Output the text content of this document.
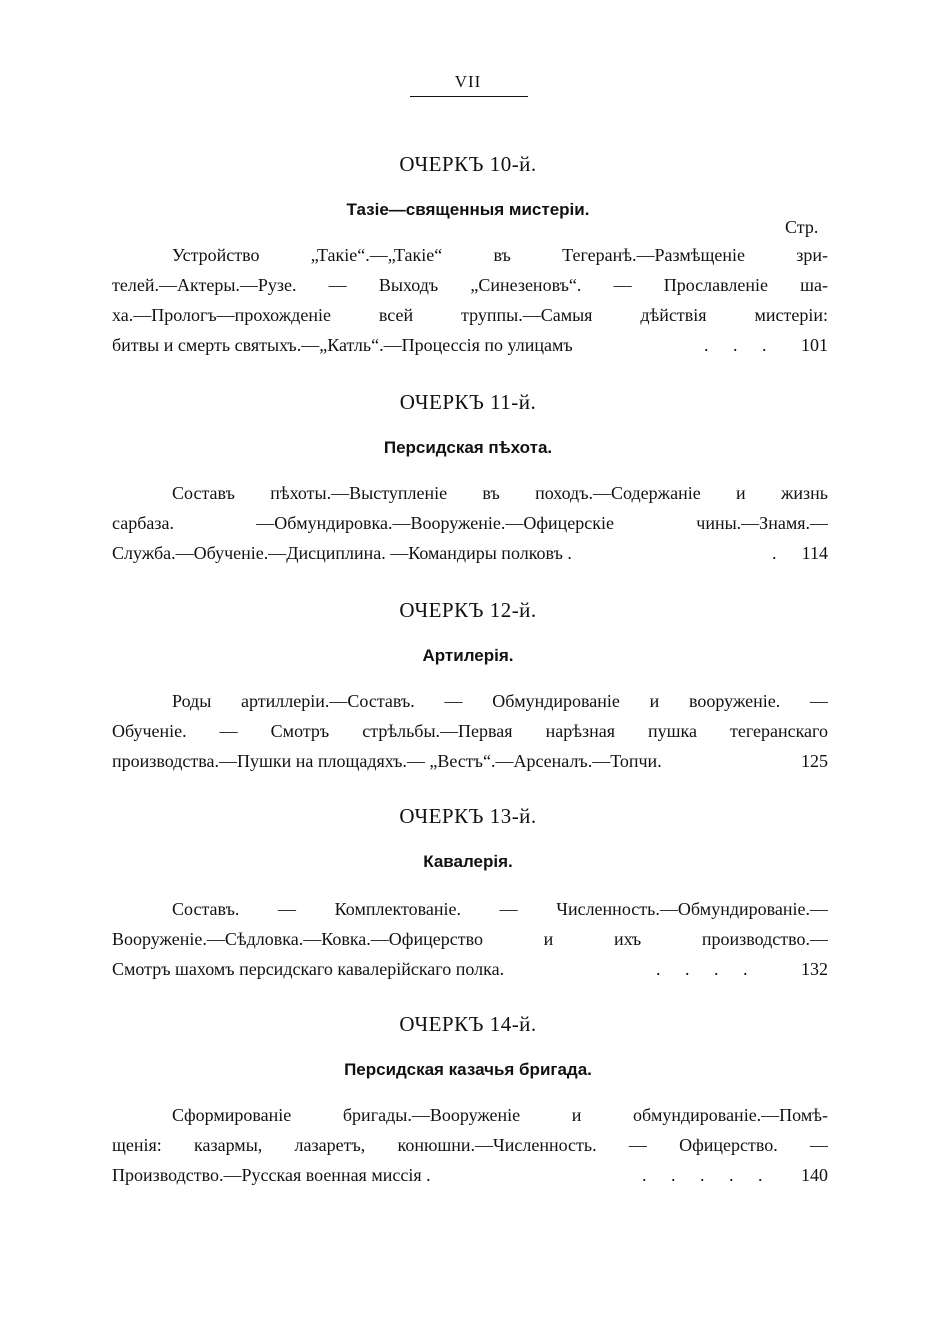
VII
Стр.
ОЧЕРКЪ 10-й.
Тазіе—священныя мистеріи.
Устройство „Такіе“.—„Такіе“ въ Тегеранѣ.—Размѣщеніе зри-
телей.—Актеры.—Рузе. — Выходъ „Синезеновъ“. — Прославленіе ша-
ха.—Прологъ—прохожденіе всей труппы.—Самыя дѣйствія мистеріи:
битвы и смерть святыхъ.—„Катль“.—Процессія по улицамъ	. . . 101
ОЧЕРКЪ 11-й.
Персидская пѣхота.
Составъ пѣхоты.—Выступленіе въ походъ.—Содержаніе и жизнь
сарбаза. —Обмундировка.—Вооруженіе.—Офицерскіе чины.—Знамя.—
Служба.—Обученіе.—Дисциплина. —Командиры полковъ .	. 114
ОЧЕРКЪ 12-й.
Артилерія.
Роды артиллеріи.—Составъ. — Обмундированіе и вооруженіе. —
Обученіе. — Смотръ стрѣльбы.—Первая нарѣзная пушка тегеранскаго
производства.—Пушки на площадяхъ.— „Вестъ“.—Арсеналъ.—Топчи.	125
ОЧЕРКЪ 13-й.
Кавалерія.
Составъ. — Комплектованіе. — Численность.—Обмундированіе.—
Вооруженіе.—Сѣдловка.—Ковка.—Офицерство и ихъ производство.—
Смотръ шахомъ персидскаго кавалерійскаго полка.	. . . . 132
ОЧЕРКЪ 14-й.
Персидская казачья бригада.
Сформированіе бригады.—Вооруженіе и обмундированіе.—Помѣ-
щенія: казармы, лазаретъ, конюшни.—Численность. — Офицерство. —
Производство.—Русская военная миссія .	. . . . . 140
